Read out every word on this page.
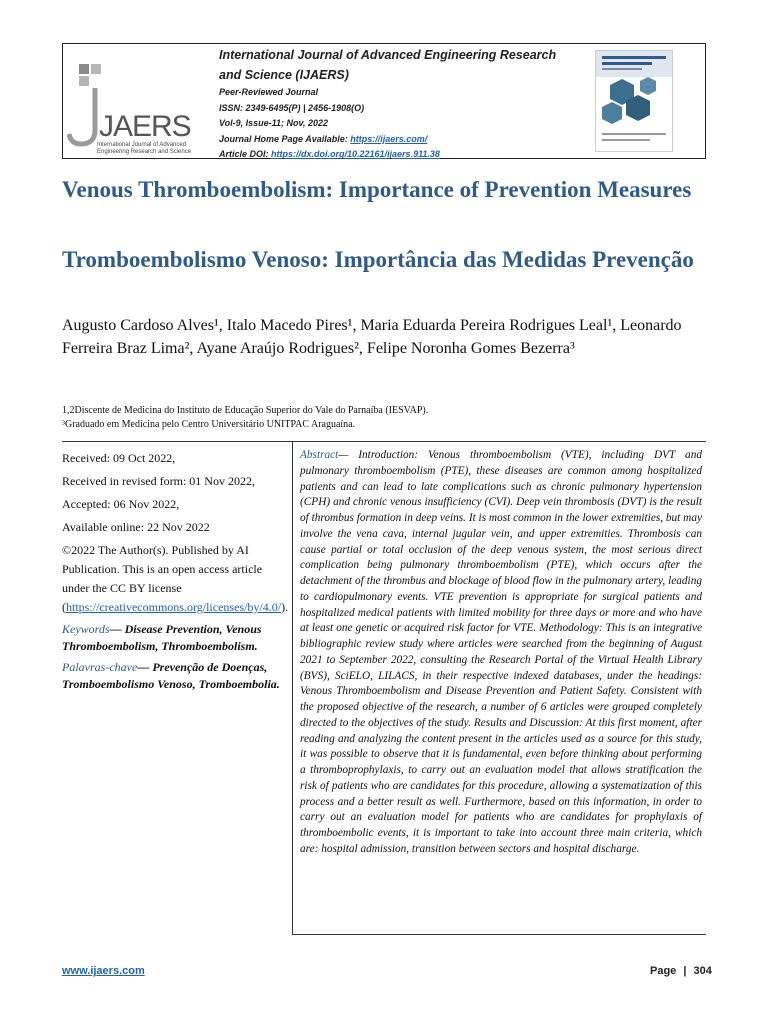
JAERS
International Journal of Advanced Engineering Research and Science
International Journal of Advanced Engineering Research and Science (IJAERS)
Peer-Reviewed Journal
ISSN: 2349-6495(P) | 2456-1908(O)
Vol-9, Issue-11; Nov, 2022
Journal Home Page Available: https://ijaers.com/
Article DOI: https://dx.doi.org/10.22161/ijaers.911.38
Venous Thromboembolism: Importance of Prevention Measures
Tromboembolismo Venoso: Importância das Medidas Prevenção
Augusto Cardoso Alves¹, Italo Macedo Pires¹, Maria Eduarda Pereira Rodrigues Leal¹, Leonardo Ferreira Braz Lima², Ayane Araújo Rodrigues², Felipe Noronha Gomes Bezerra³
1,2Discente de Medicina do Instituto de Educação Superior do Vale do Parnaíba (IESVAP).
³Graduado em Medicina pelo Centro Universitário UNITPAC Araguaína.

Received: 09 Oct 2022,

Received in revised form: 01 Nov 2022,

Accepted: 06 Nov 2022,

Available online: 22 Nov 2022

©2022 The Author(s). Published by AI Publication. This is an open access article under the CC BY license (https://creativecommons.org/licenses/by/4.0/).

Keywords— Disease Prevention, Venous Thromboembolism, Thromboembolism.

Palavras-chave— Prevenção de Doenças, Tromboembolismo Venoso, Tromboembolia.

Abstract— Introduction: Venous thromboembolism (VTE), including DVT and pulmonary thromboembolism (PTE), these diseases are common among hospitalized patients and can lead to late complications such as chronic pulmonary hypertension (CPH) and chronic venous insufficiency (CVI). Deep vein thrombosis (DVT) is the result of thrombus formation in deep veins. It is most common in the lower extremities, but may involve the vena cava, internal jugular vein, and upper extremities. Thrombosis can cause partial or total occlusion of the deep venous system, the most serious direct complication being pulmonary thromboembolism (PTE), which occurs after the detachment of the thrombus and blockage of blood flow in the pulmonary artery, leading to cardiopulmonary events. VTE prevention is appropriate for surgical patients and hospitalized medical patients with limited mobility for three days or more and who have at least one genetic or acquired risk factor for VTE. Methodology: This is an integrative bibliographic review study where articles were searched from the beginning of August 2021 to September 2022, consulting the Research Portal of the Virtual Health Library (BVS), SciELO, LILACS, in their respective indexed databases, under the headings: Venous Thromboembolism and Disease Prevention and Patient Safety. Consistent with the proposed objective of the research, a number of 6 articles were grouped completely directed to the objectives of the study. Results and Discussion: At this first moment, after reading and analyzing the content present in the articles used as a source for this study, it was possible to observe that it is fundamental, even before thinking about performing a thromboprophylaxis, to carry out an evaluation model that allows stratification the risk of patients who are candidates for this procedure, allowing a systematization of this process and a better result as well. Furthermore, based on this information, in order to carry out an evaluation model for patients who are candidates for prophylaxis of thromboembolic events, it is important to take into account three main criteria, which are: hospital admission, transition between sectors and hospital discharge.
www.ijaers.com	Page | 304
